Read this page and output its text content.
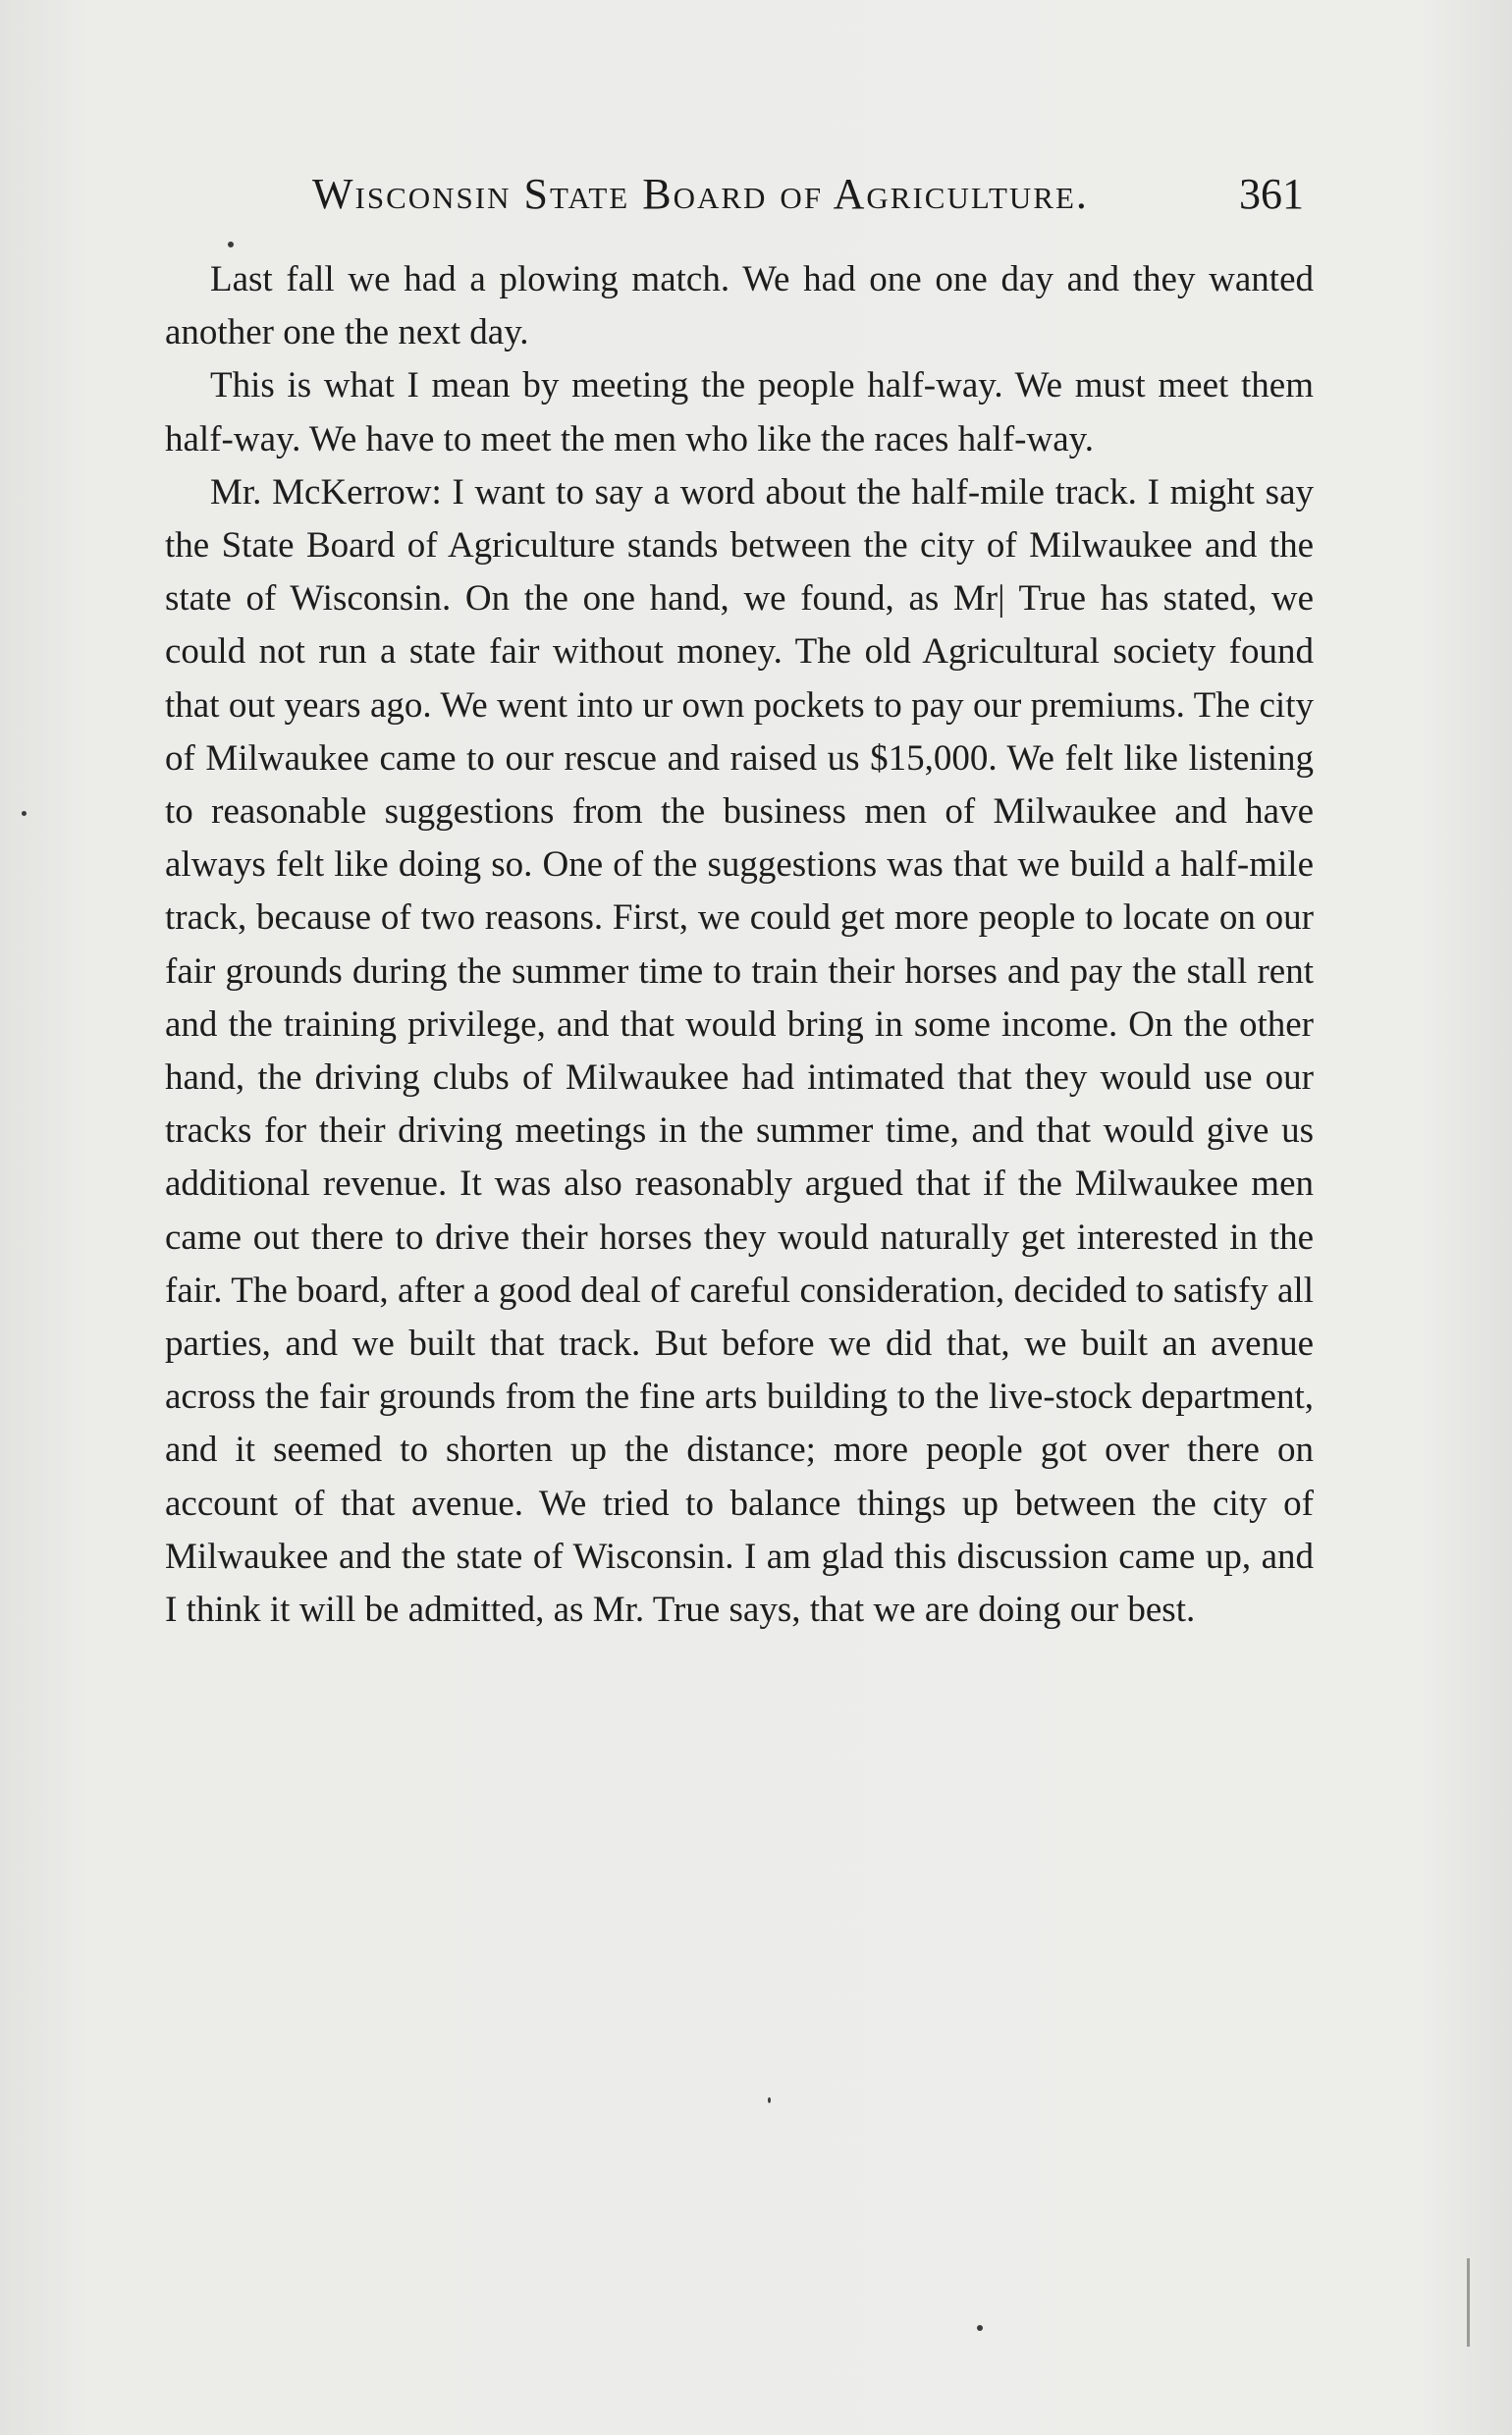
Wisconsin State Board of Agriculture.	361

Last fall we had a plowing match. We had one one day and they wanted another one the next day.

This is what I mean by meeting the people half-way. We must meet them half-way. We have to meet the men who like the races half-way.

Mr. McKerrow: I want to say a word about the half-mile track. I might say the State Board of Agriculture stands between the city of Milwaukee and the state of Wisconsin. On the one hand, we found, as Mr| True has stated, we could not run a state fair without money. The old Agricultural society found that out years ago. We went into ur own pockets to pay our premiums. The city of Milwaukee came to our rescue and raised us $15,000. We felt like listening to reasonable suggestions from the business men of Milwaukee and have always felt like doing so. One of the suggestions was that we build a half-mile track, because of two reasons. First, we could get more people to locate on our fair grounds during the summer time to train their horses and pay the stall rent and the training privilege, and that would bring in some income. On the other hand, the driving clubs of Milwaukee had intimated that they would use our tracks for their driving meetings in the summer time, and that would give us additional revenue. It was also reasonably argued that if the Milwaukee men came out there to drive their horses they would naturally get interested in the fair. The board, after a good deal of careful consideration, decided to satisfy all parties, and we built that track. But before we did that, we built an avenue across the fair grounds from the fine arts building to the live-stock department, and it seemed to shorten up the distance; more people got over there on account of that avenue. We tried to balance things up between the city of Milwaukee and the state of Wisconsin. I am glad this discussion came up, and I think it will be admitted, as Mr. True says, that we are doing our best.
